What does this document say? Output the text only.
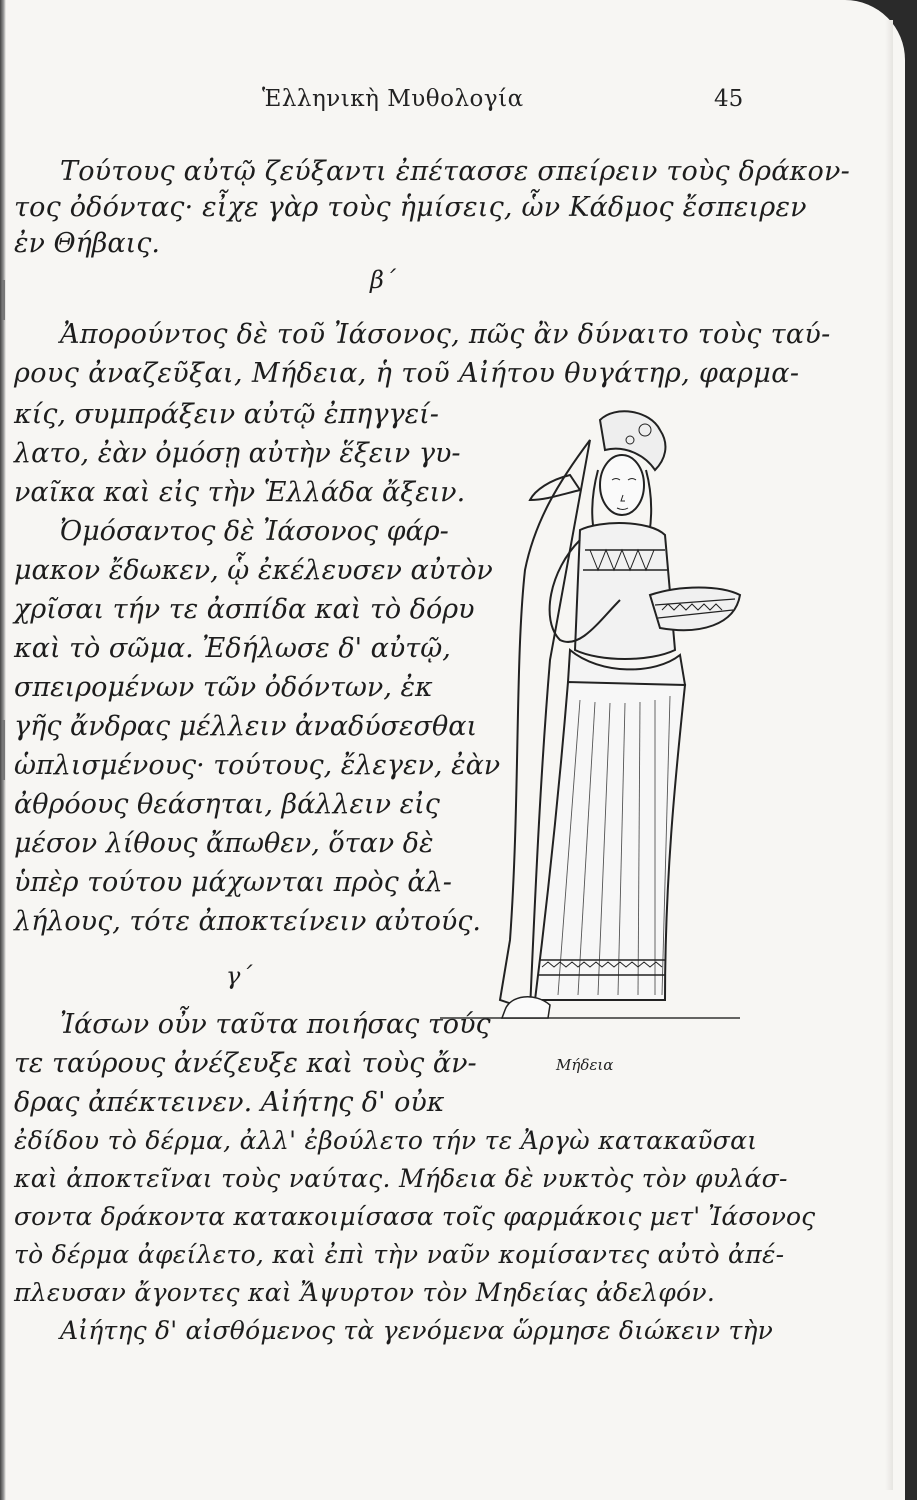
Ἑλληνικὴ Μυθολογία	45
Τούτους αὐτῷ ζεύξαντι ἐπέτασσε σπείρειν τοὺς δράκον-
τος ὀδόντας· εἶχε γὰρ τοὺς ἡμίσεις, ὧν Κάδμος ἔσπειρεν
ἐν Θήβαις.
β΄
Ἀπορούντος δὲ τοῦ Ἰάσονος, πῶς ἂν δύναιτο τοὺς ταύ-
ρους ἀναζεῦξαι, Μήδεια, ἡ τοῦ Αἰήτου θυγάτηρ, φαρμα-
κίς, συμπράξειν αὐτῷ ἐπηγγεί-
λατο, ἐὰν ὀμόσῃ αὐτὴν ἕξειν γυ-
ναῖκα καὶ εἰς τὴν Ἑλλάδα ἄξειν.
Ὀμόσαντος δὲ Ἰάσονος φάρ-
μακον ἔδωκεν, ᾧ ἐκέλευσεν αὐτὸν
χρῖσαι τήν τε ἀσπίδα καὶ τὸ δόρυ
καὶ τὸ σῶμα. Ἐδήλωσε δ' αὐτῷ,
σπειρομένων τῶν ὀδόντων, ἐκ
γῆς ἄνδρας μέλλειν ἀναδύσεσθαι
ὡπλισμένους· τούτους, ἔλεγεν, ἐὰν
ἀθρόους θεάσηται, βάλλειν εἰς
μέσον λίθους ἄπωθεν, ὅταν δὲ
ὑπὲρ τούτου μάχωνται πρὸς ἀλ-
λήλους, τότε ἀποκτείνειν αὐτούς.
γ΄
Ἰάσων οὖν ταῦτα ποιήσας τούς
τε ταύρους ἀνέζευξε καὶ τοὺς ἄν-
δρας ἀπέκτεινεν. Αἰήτης δ' οὐκ
ἐδίδου τὸ δέρμα, ἀλλ' ἐβούλετο τήν τε Ἀργὼ κατακαῦσαι
καὶ ἀποκτεῖναι τοὺς ναύτας. Μήδεια δὲ νυκτὸς τὸν φυλάσ-
σοντα δράκοντα κατακοιμίσασα τοῖς φαρμάκοις μετ' Ἰάσονος
τὸ δέρμα ἀφείλετο, καὶ ἐπὶ τὴν ναῦν κομίσαντες αὐτὸ ἀπέ-
πλευσαν ἄγοντες καὶ Ἄψυρτον τὸν Μηδείας ἀδελφόν.
Αἰήτης δ' αἰσθόμενος τὰ γενόμενα ὥρμησε διώκειν τὴν
Μήδεια
